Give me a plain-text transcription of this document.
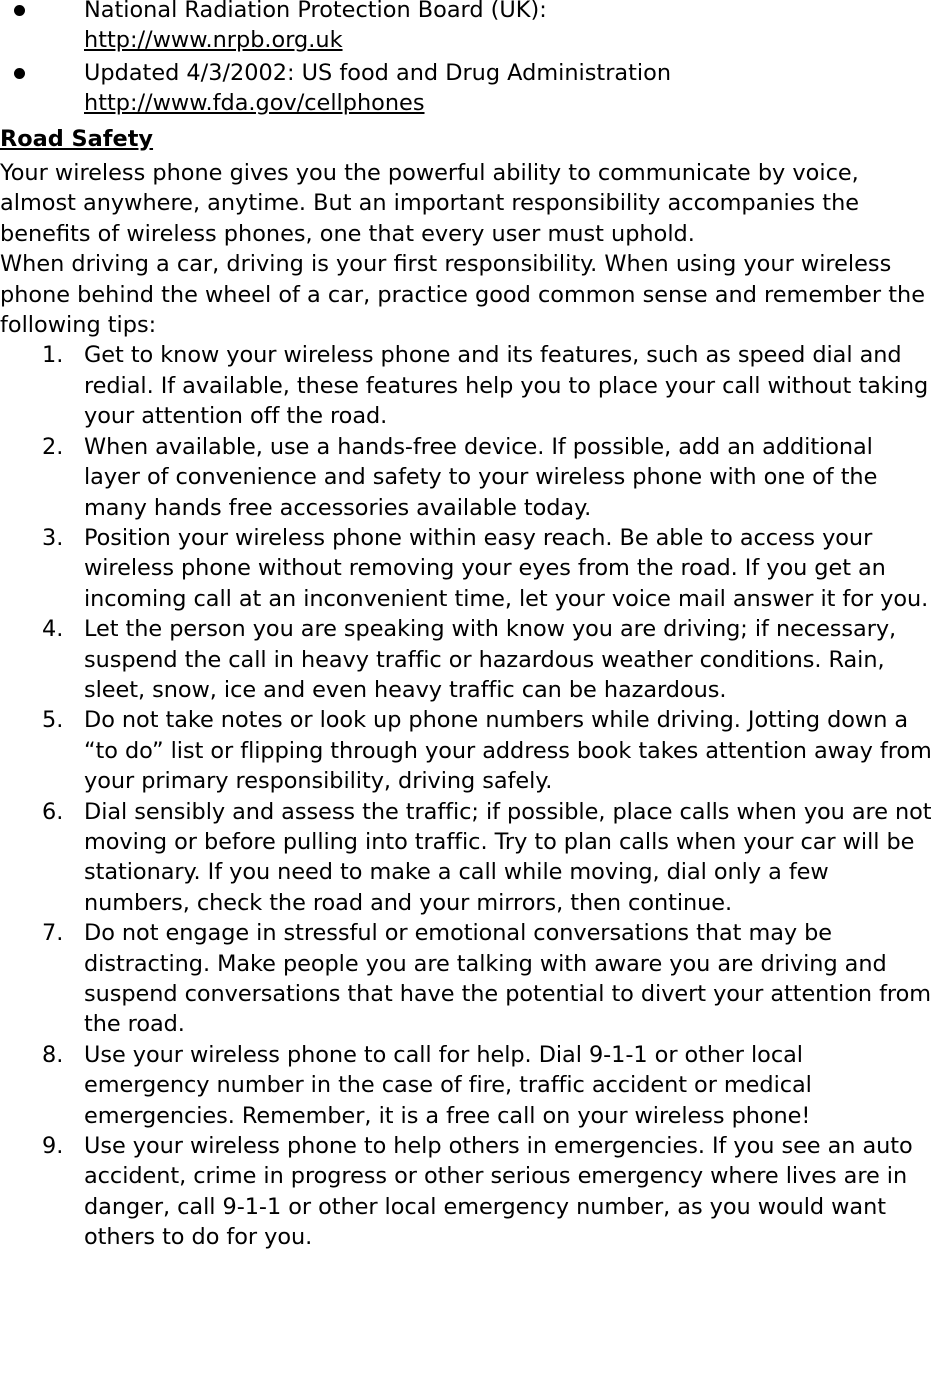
National Radiation Protection Board (UK):
http://www.nrpb.org.uk
Updated 4/3/2002: US food and Drug Administration
http://www.fda.gov/cellphones
Road Safety

Your wireless phone gives you the powerful ability to communicate by voice, almost anywhere, anytime. But an important responsibility accompanies the benefits of wireless phones, one that every user must uphold.

When driving a car, driving is your first responsibility. When using your wireless phone behind the wheel of a car, practice good common sense and remember the following tips:

1. Get to know your wireless phone and its features, such as speed dial and redial. If available, these features help you to place your call without taking your attention off the road.
2. When available, use a hands-free device. If possible, add an additional layer of convenience and safety to your wireless phone with one of the many hands free accessories available today.
3. Position your wireless phone within easy reach. Be able to access your wireless phone without removing your eyes from the road. If you get an incoming call at an inconvenient time, let your voice mail answer it for you.
4. Let the person you are speaking with know you are driving; if necessary, suspend the call in heavy traffic or hazardous weather conditions. Rain, sleet, snow, ice and even heavy traffic can be hazardous.
5. Do not take notes or look up phone numbers while driving. Jotting down a “to do” list or flipping through your address book takes attention away from your primary responsibility, driving safely.
6. Dial sensibly and assess the traffic; if possible, place calls when you are not moving or before pulling into traffic. Try to plan calls when your car will be stationary. If you need to make a call while moving, dial only a few numbers, check the road and your mirrors, then continue.
7. Do not engage in stressful or emotional conversations that may be distracting. Make people you are talking with aware you are driving and suspend conversations that have the potential to divert your attention from the road.
8. Use your wireless phone to call for help. Dial 9-1-1 or other local emergency number in the case of fire, traffic accident or medical emergencies. Remember, it is a free call on your wireless phone!
9. Use your wireless phone to help others in emergencies. If you see an auto accident, crime in progress or other serious emergency where lives are in danger, call 9-1-1 or other local emergency number, as you would want others to do for you.
